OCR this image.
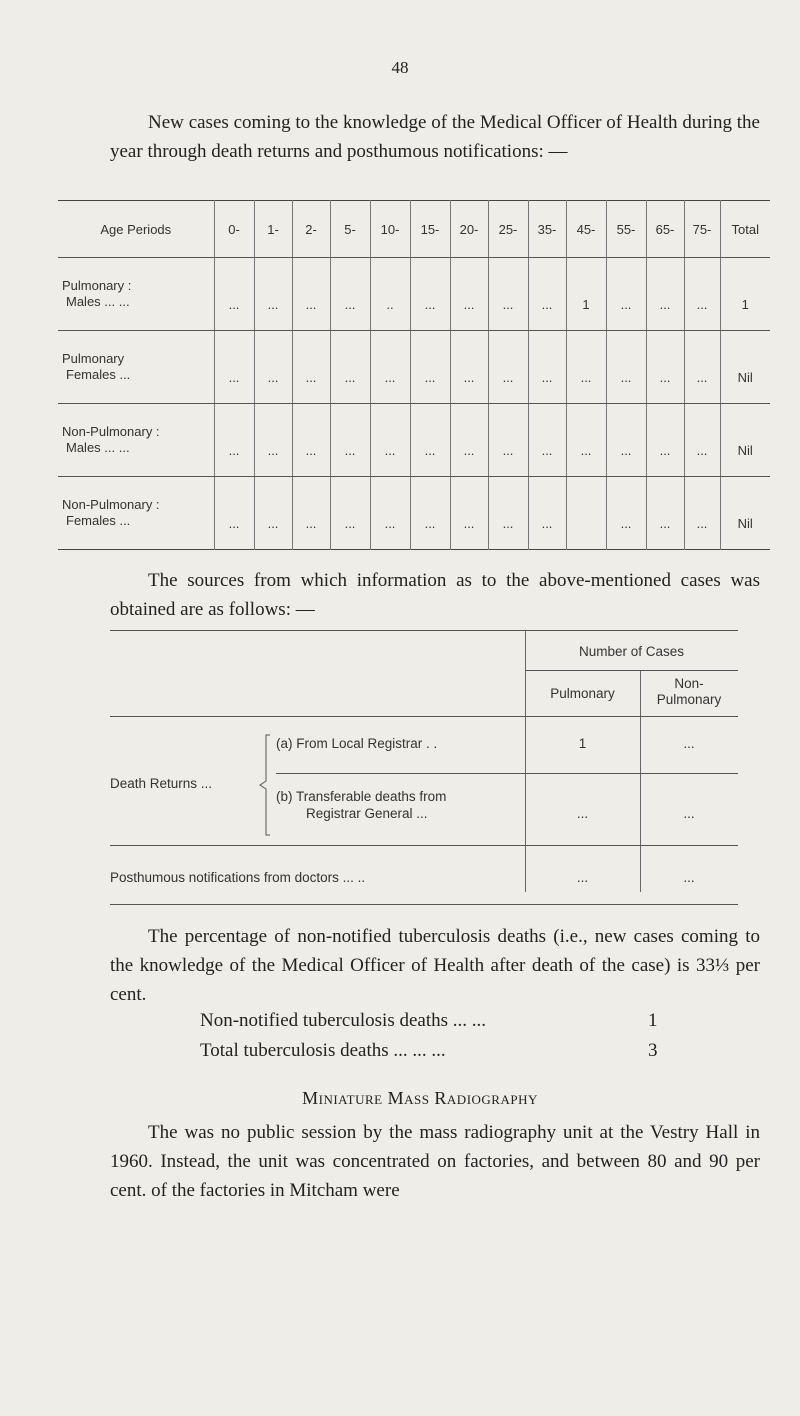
48
New cases coming to the knowledge of the Medical Officer of Health during the year through death returns and posthumous notifications: —
Age Periods	0-	1-	2-	5-	10-	15-	20-	25-	35-	45-	55-	65-	75-	Total
Pulmonary :
Males ... ...	...	...	...	...	..	...	...	...	...	1	...	...	...	1

Pulmonary
Females ...	...	...	...	...	...	...	...	...	...	...	...	...	...	Nil

Non-Pulmonary :
Males ... ...	...	...	...	...	...	...	...	...	...	...	...	...	...	Nil

Non-Pulmonary :
Females ...	...	...	...	...	...	...	...	...	...		...	...	...	Nil
The sources from which information as to the above-mentioned cases was obtained are as follows: —
Number of Cases
Pulmonary
Non-
Pulmonary
Death Returns ...
(a) From Local Registrar . .	1	...
(b) Transferable deaths from
Registrar General ...	...	...
Posthumous notifications from doctors ... ..	...	...
The percentage of non-notified tuberculosis deaths (i.e., new cases coming to the knowledge of the Medical Officer of Health after death of the case) is 33⅓ per cent.
Non-notified tuberculosis deaths ... ...	1
Total tuberculosis deaths ... ... ...	3
Miniature Mass Radiography
The was no public session by the mass radiography unit at the Vestry Hall in 1960. Instead, the unit was concentrated on factories, and between 80 and 90 per cent. of the factories in Mitcham were
